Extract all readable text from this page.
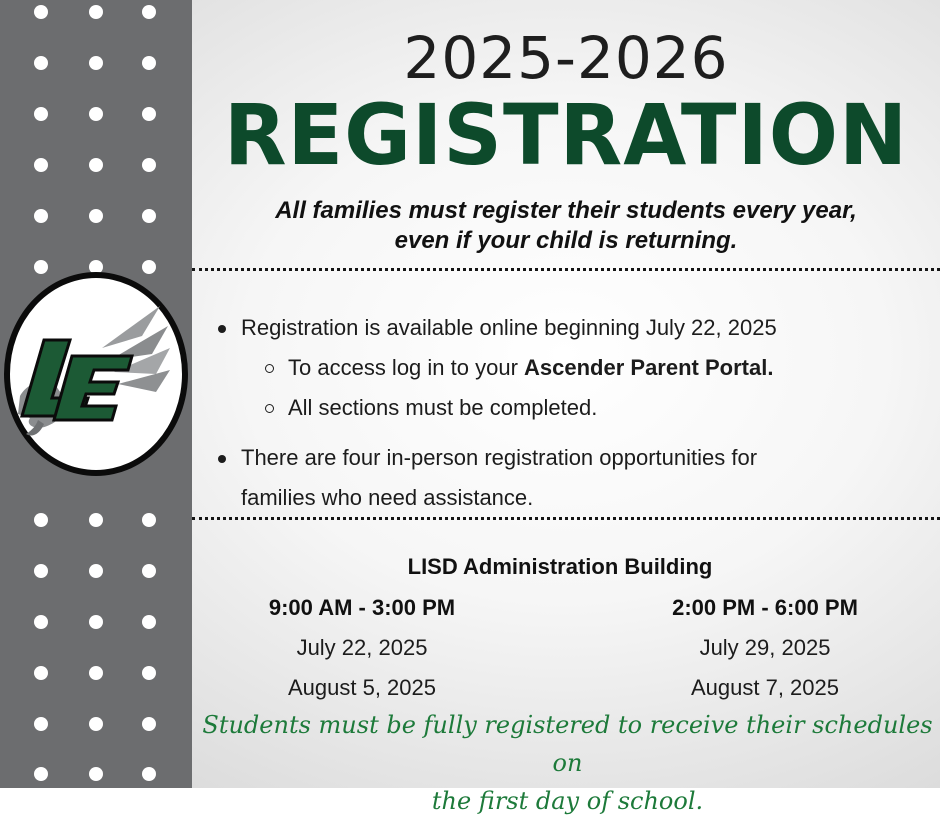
2025-2026
REGISTRATION
All families must register their students every year,
even if your child is returning.
Registration is available online beginning July 22, 2025
To access log in to your Ascender Parent Portal.
All sections must be completed.
There are four in-person registration opportunities for
families who need assistance.
LISD Administration Building
9:00 AM - 3:00 PM
July 22, 2025
August 5, 2025
2:00 PM - 6:00 PM
July 29, 2025
August 7, 2025
Students must be fully registered to receive their schedules on
the first day of school.
